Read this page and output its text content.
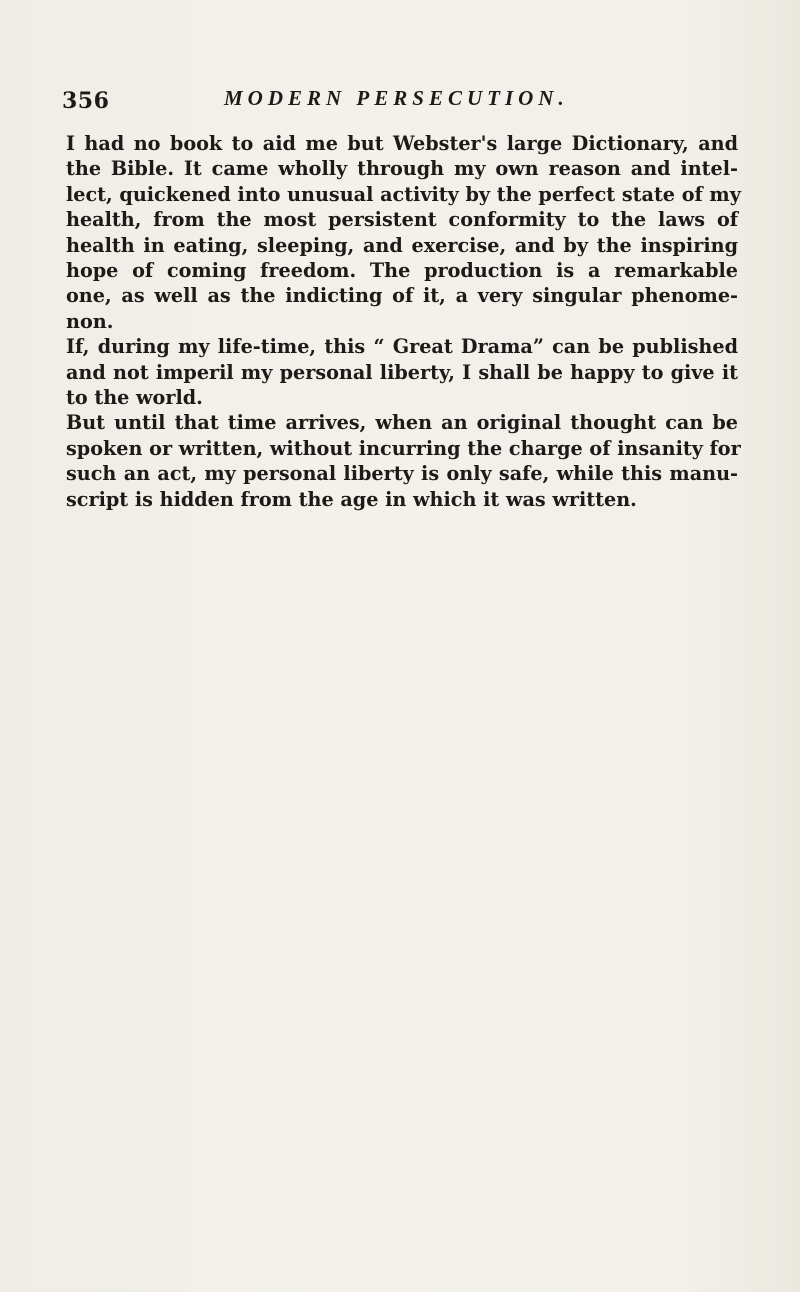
356	MODERN PERSECUTION.

I had no book to aid me but Webster's large Dictionary, and
the Bible. It came wholly through my own reason and intel-
lect, quickened into unusual activity by the perfect state of my
health, from the most persistent conformity to the laws of
health in eating, sleeping, and exercise, and by the inspiring
hope of coming freedom. The production is a remarkable
one, as well as the indicting of it, a very singular phenome-
non.

If, during my life-time, this “ Great Drama” can be published
and not imperil my personal liberty, I shall be happy to give it
to the world.

But until that time arrives, when an original thought can be
spoken or written, without incurring the charge of insanity for
such an act, my personal liberty is only safe, while this manu-
script is hidden from the age in which it was written.
